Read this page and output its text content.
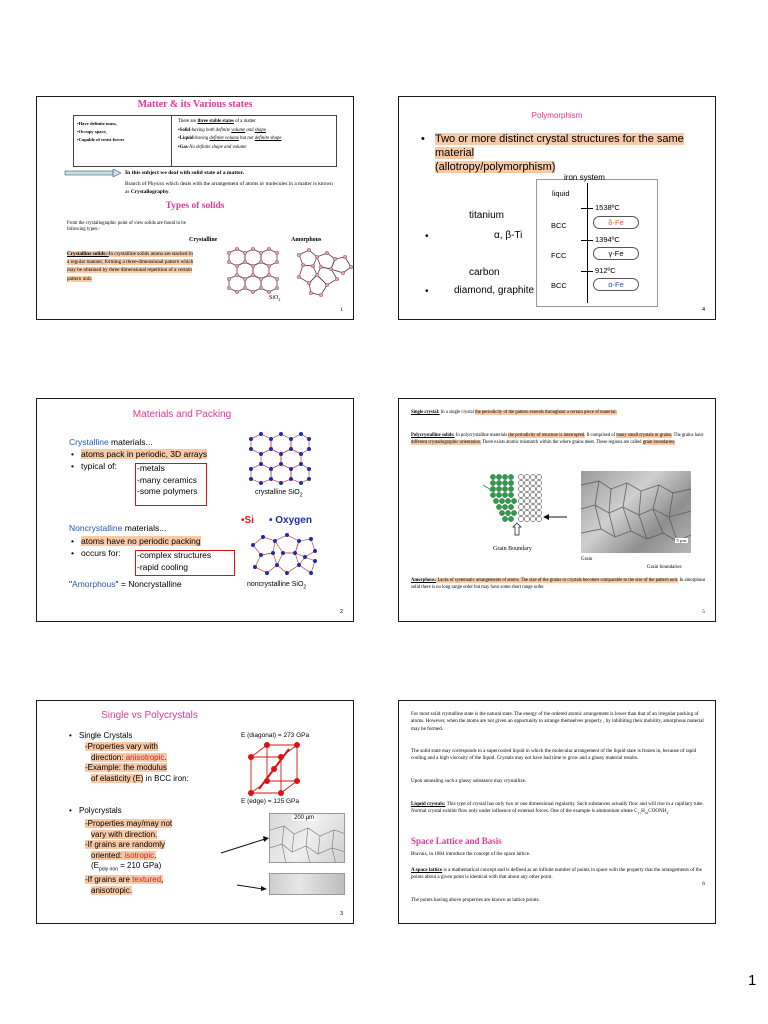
Matter & its Various states
•Have definite mass,
•Occupy space,
•Capable of resist forces
There are three stable states of a matter
•Solid-having both definite volume and shape
•Liquid-having definite volume but not definite shape
•Gas-No definite shape and volume
In this subject we deal with solid state of a matter.
Branch of Physics which deals with the arrangement of atoms or molecules in a matter is known as Crystallography.
Types of solids
From the crystallographic point of view solids are found to be following types:-
Crystalline solids:-In crystalline solids atoms are stacked in a regular manner, forming a three-dimensional pattern which may be obtained by three dimensional repetition of a certain pattern unit.
Crystalline	Amorphous
SiO$_2$
1
Polymorphism
• Two or more distinct crystal structures for the same material
(allotropy/polymorphism)
titanium
•	α, β-Ti
carbon
•	diamond, graphite
iron system
liquid
1538ºC
1394ºC
912ºC
BCC
FCC
BCC
δ-Fe
γ-Fe
α-Fe
4
Materials and Packing
Crystalline materials...
• atoms pack in periodic, 3D arrays
• typical of: -metals
-many ceramics
-some polymers	crystalline SiO$_2$
•Si • Oxygen
Noncrystalline materials...
• atoms have no periodic packing
• occurs for: -complex structures
-rapid cooling
"Amorphous" = Noncrystalline	noncrystalline SiO$_2$
2
Single crystal: In a single crystal the periodicity of the pattern extends throughout a certain piece of material.
Polycrystalline solids: In polycrystalline materials the periodicity of structure is interrupted. It comprised of many small crystals or grains. The grains have different crystallographic orientation. There exists atomic mismatch within the where grains meet. These regions are called grain boundaries.
Grain Boundary
5 µm
Grain
Grain boundaries
Amorphous: Lacks of systematic arrangements of atoms. The size of the grains or crystals becomes comparable to the size of the pattern unit. In amorphous solid there is no long range order but may have some short range order.
5
Single vs Polycrystals
• Single Crystals
-Properties vary with
direction: anisotropic.
-Example: the modulus
of elasticity (E) in BCC iron:
E (diagonal) = 273 GPa
E (edge) = 125 GPa
• Polycrystals
-Properties may/may not
vary with direction.
-If grains are randomly
oriented: isotropic.
($E_{poly iron} = 210$ GPa)
-If grains are textured,
anisotropic.
200 µm
3
For most solid crystalline state is the natural state. The energy of the ordered atomic arrangement is lower than that of an irregular packing of atoms. However, when the atoms are not given an opportunity to arrange themselves properly , by inhibiting their mobility, amorphous material may be formed.
The solid state may corresponds to a supercooled liquid in which the molecular arrangement of the liquid state is frozen in, because of rapid cooling and a high viscosity of the liquid. Crystals may not have had time to grow and a glassy material results.
Upon annealing such a glassy substance may crystallize.
Liquid crystals: This type of crystal has only two or one dimensional regularity. Such substances actually flow and will rise in a capillary tube. Normal crystal exhibit flow only under influence of external forces. One of the example is ammonium oleate $C_{17}H_{33}COONH_4$.
Space Lattice and Basis
Bravais, in 1884 introduce the concept of the space lattice.
A space lattice is a mathematical concept and is defined as an infinite number of points in space with the property that the arrangements of the points about a given point is identical with that about any other point.
The points having above properties are known as lattice points.
6
1
